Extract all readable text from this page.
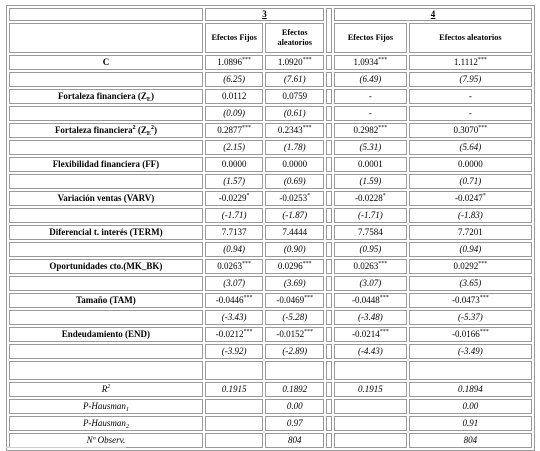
	3			4	
	Efectos Fijos	Efectos aleatorios		Efectos Fijos	Efectos aleatorios
C	1.0896***	1.0920***		1.0934***	1.1112***
	(6.25)	(7.61)		(6.49)	(7.95)
Fortaleza financiera $(Z_E)$	0.0112	0.0759		-	-
	(0.09)	(0.61)		-	-
Fortaleza financiera$^2$ $(Z_E^2)$	0.2877***	0.2343***		0.2982***	0.3070***
	(2.15)	(1.78)		(5.31)	(5.64)
Flexibilidad financiera (FF)	0.0000	0.0000		0.0001	0.0000
	(1.57)	(0.69)		(1.59)	(0.71)
Variación ventas (VARV)	-0.0229*	-0.0253*		-0.0228*	-0.0247*
	(-1.71)	(-1.87)		(-1.71)	(-1.83)
Diferencial t. interés (TERM)	7.7137	7.4444		7.7584	7.7201
	(0.94)	(0.90)		(0.95)	(0.94)
Oportunidades cto.(MK_BK)	0.0263***	0.0296***		0.0263***	0.0292***
	(3.07)	(3.69)		(3.07)	(3.65)
Tamaño (TAM)	-0.0446***	-0.0469***		-0.0448***	-0.0473***
	(-3.43)	(-5.28)		(-3.48)	(-5.37)
Endeudamiento (END)	-0.0212***	-0.0152***		-0.0214***	-0.0166***
	(-3.92)	(-2.89)		(-4.43)	(-3.49)

$R^2$	0.1915	0.1892		0.1915	0.1894
P-Hausman$_1$		0.00			0.00
P-Hausman$_2$		0.97			0.91
Nº Observ.		804			804
